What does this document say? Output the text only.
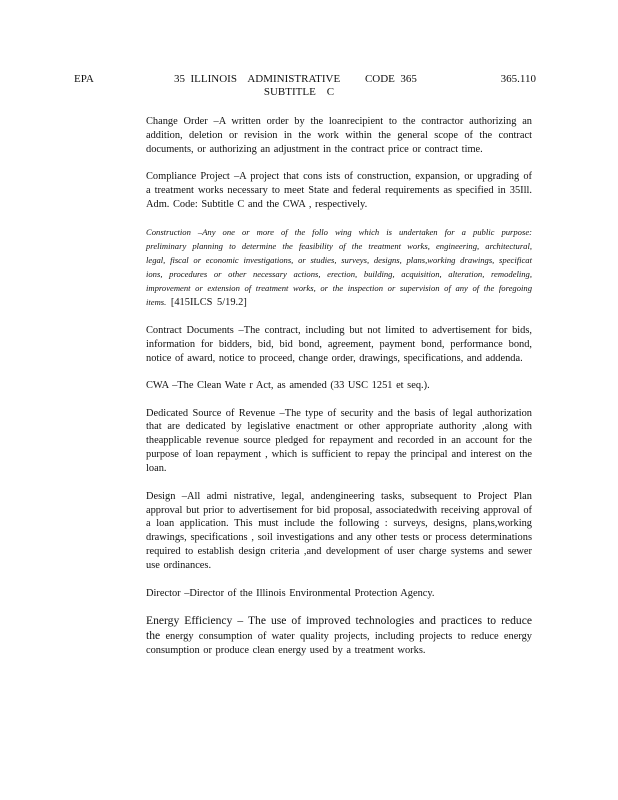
EPA	35  ILLINOIS    ADMINISTRATIVE         CODE  365
SUBTITLE    C
365.110

Change Order –A written order by the loanrecipient to the contractor authorizing an addition, deletion or revision in the work within the general scope of the contract documents, or authorizing an adjustment in the contract price or contract time.

Compliance Project –A project that cons ists of construction, expansion, or upgrading of a treatment works necessary to meet State and federal requirements as specified in 35Ill. Adm. Code: Subtitle C and the CWA , respectively.

Construction –Any one or more of the follo wing which is undertaken for a public purpose: preliminary planning to determine the feasibility of the treatment works, engineering, architectural, legal, fiscal or economic investigations, or studies, surveys, designs, plans,working drawings, specificat ions, procedures or other necessary actions, erection, building, acquisition, alteration, remodeling, improvement or extension of treatment works, or the inspection or supervision of any of the foregoing items. [415ILCS 5/19.2]

Contract Documents –The contract, including but not limited to advertisement for bids, information for bidders, bid, bid bond, agreement, payment bond, performance bond, notice of award, notice to proceed, change order, drawings, specifications, and addenda.

CWA –The Clean Wate r Act, as amended (33 USC 1251 et seq.).

Dedicated Source of Revenue –The type of security and the basis of legal authorization that are dedicated by legislative enactment or other appropriate authority ,along with theapplicable revenue source pledged for repayment and recorded in an account for the purpose of loan repayment , which is sufficient to repay the principal and interest on the loan.

Design –All admi nistrative, legal, andengineering tasks, subsequent to Project Plan approval but prior to advertisement for bid proposal, associatedwith receiving approval of a loan application. This must include the following : surveys, designs, plans,working drawings, specifications , soil investigations and any other tests or process determinations required to establish design criteria ,and development of user charge systems and sewer use ordinances.

Director –Director of the Illinois Environmental Protection Agency.

Energy Efficiency – The use of improved technologies and practices to reduce the energy consumption of water quality projects, including projects to reduce energy consumption or produce clean energy used by a treatment works.
